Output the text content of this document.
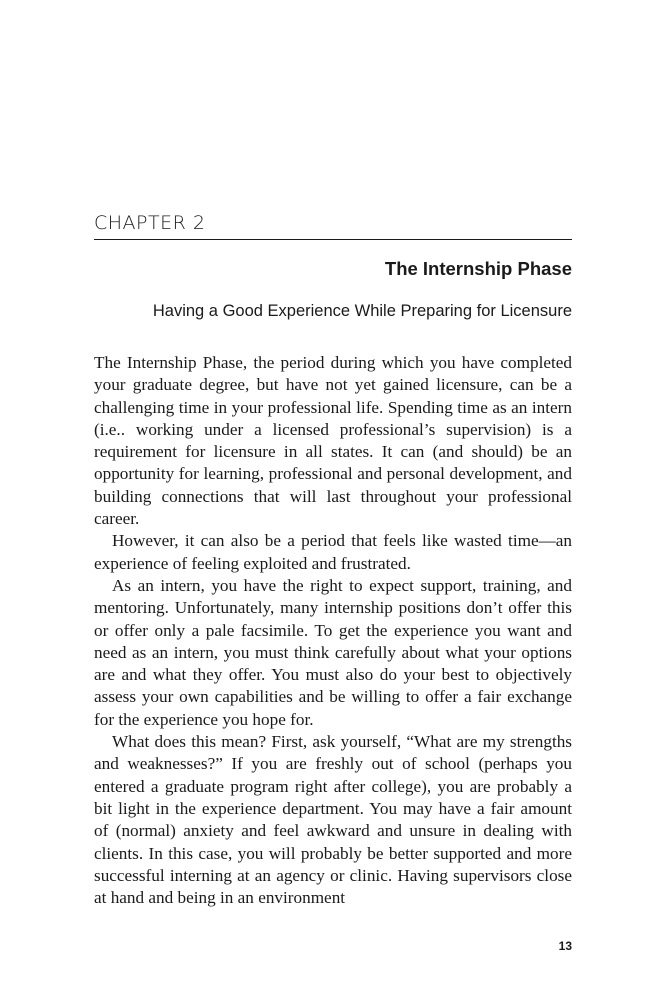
CHAPTER 2
The Internship Phase
Having a Good Experience While Preparing for Licensure

The Internship Phase, the period during which you have completed your graduate degree, but have not yet gained licensure, can be a challenging time in your professional life. Spending time as an intern (i.e.. working under a licensed professional’s supervision) is a requirement for licensure in all states. It can (and should) be an opportunity for learning, professional and personal development, and building connections that will last throughout your professional career.

However, it can also be a period that feels like wasted time—an experience of feeling exploited and frustrated.

As an intern, you have the right to expect support, training, and mentoring. Unfortunately, many internship positions don’t offer this or offer only a pale facsimile. To get the experience you want and need as an intern, you must think carefully about what your options are and what they offer. You must also do your best to objectively assess your own capabilities and be willing to offer a fair exchange for the experience you hope for.

What does this mean? First, ask yourself, “What are my strengths and weaknesses?” If you are freshly out of school (perhaps you entered a graduate program right after college), you are probably a bit light in the experience department. You may have a fair amount of (normal) anxiety and feel awkward and unsure in dealing with clients. In this case, you will probably be better supported and more successful interning at an agency or clinic. Having supervisors close at hand and being in an environment

13
